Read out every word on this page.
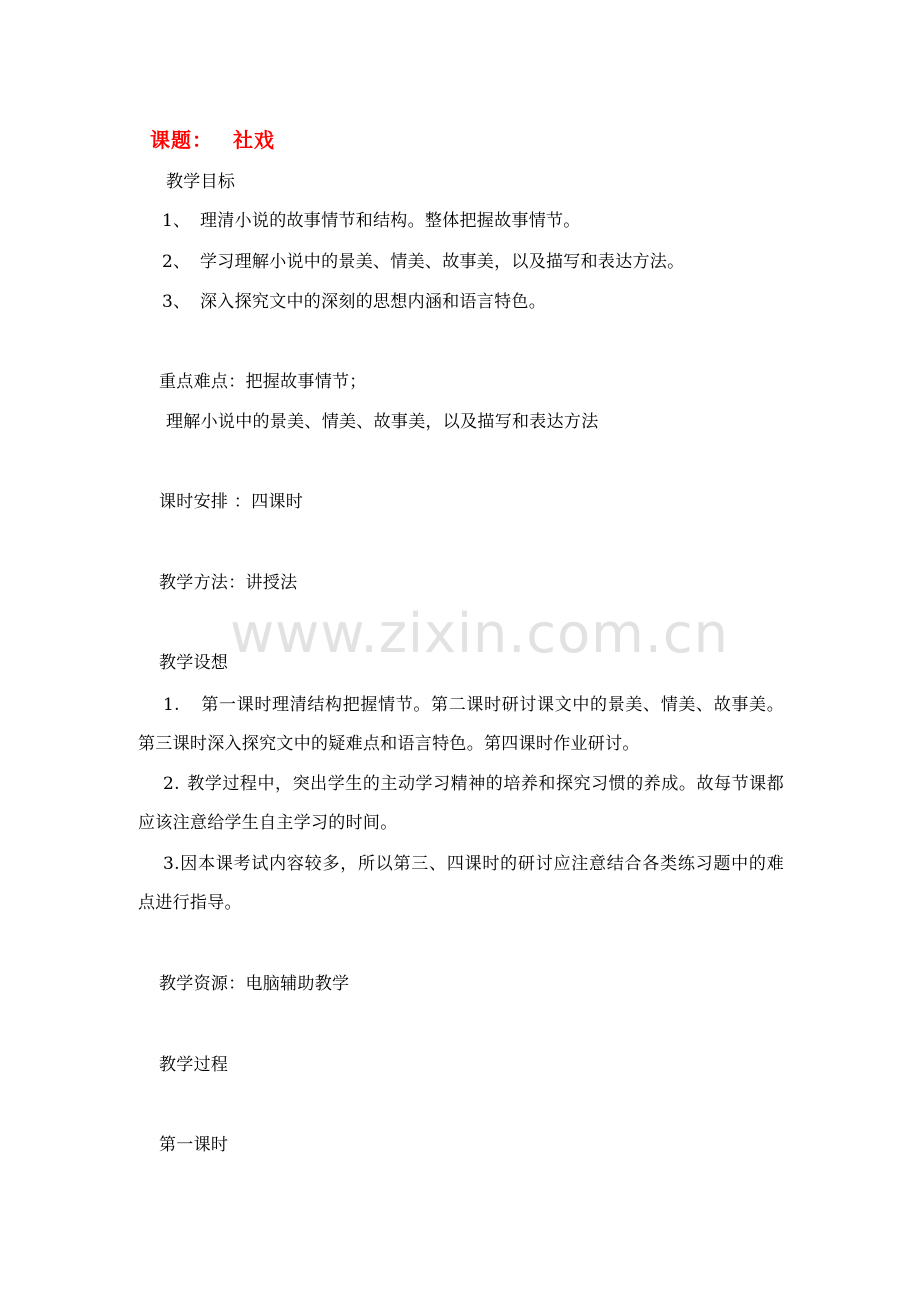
课题： 社戏
教学目标
1、 理清小说的故事情节和结构。整体把握故事情节。
2、 学习理解小说中的景美、情美、故事美，以及描写和表达方法。
3、 深入探究文中的深刻的思想内涵和语言特色。
重点难点：把握故事情节；
理解小说中的景美、情美、故事美，以及描写和表达方法
课时安排 ：四课时
教学方法：讲授法
www.zixin.com.cn
教学设想
1. 第一课时理清结构把握情节。第二课时研讨课文中的景美、情美、故事美。第三课时深入探究文中的疑难点和语言特色。第四课时作业研讨。
2. 教学过程中，突出学生的主动学习精神的培养和探究习惯的养成。故每节课都应该注意给学生自主学习的时间。
3.因本课考试内容较多，所以第三、四课时的研讨应注意结合各类练习题中的难点进行指导。
教学资源：电脑辅助教学
教学过程
第一课时
